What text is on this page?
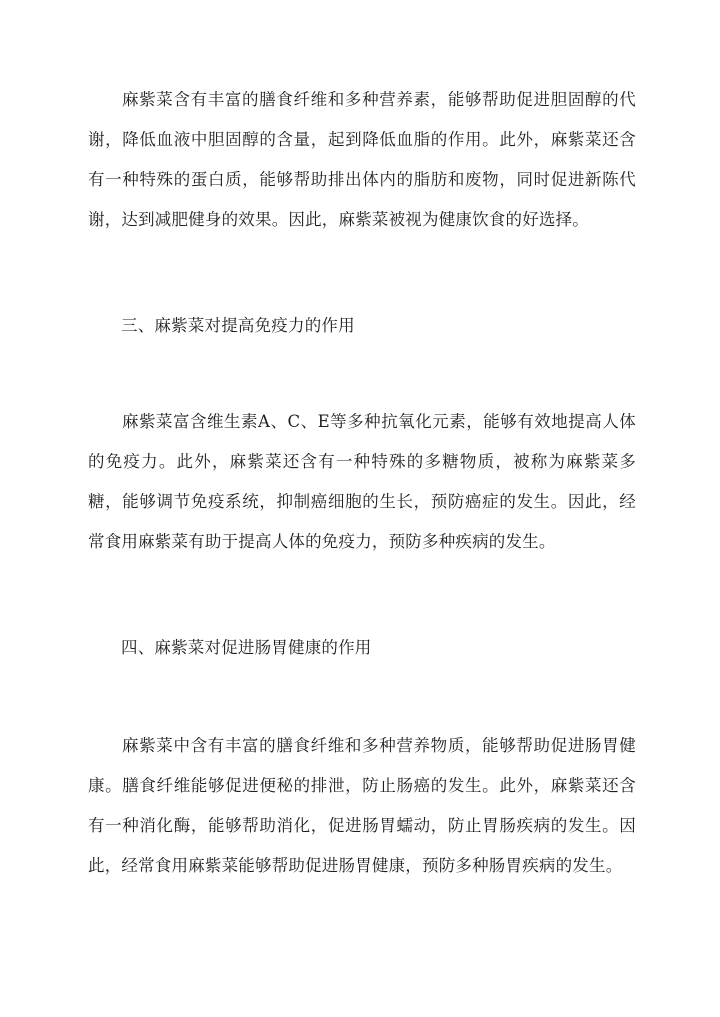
麻紫菜含有丰富的膳食纤维和多种营养素，能够帮助促进胆固醇的代谢，降低血液中胆固醇的含量，起到降低血脂的作用。此外，麻紫菜还含有一种特殊的蛋白质，能够帮助排出体内的脂肪和废物，同时促进新陈代谢，达到减肥健身的效果。因此，麻紫菜被视为健康饮食的好选择。

三、麻紫菜对提高免疫力的作用

麻紫菜富含维生素A、C、E等多种抗氧化元素，能够有效地提高人体的免疫力。此外，麻紫菜还含有一种特殊的多糖物质，被称为麻紫菜多糖，能够调节免疫系统，抑制癌细胞的生长，预防癌症的发生。因此，经常食用麻紫菜有助于提高人体的免疫力，预防多种疾病的发生。

四、麻紫菜对促进肠胃健康的作用

麻紫菜中含有丰富的膳食纤维和多种营养物质，能够帮助促进肠胃健康。膳食纤维能够促进便秘的排泄，防止肠癌的发生。此外，麻紫菜还含有一种消化酶，能够帮助消化，促进肠胃蠕动，防止胃肠疾病的发生。因此，经常食用麻紫菜能够帮助促进肠胃健康，预防多种肠胃疾病的发生。
